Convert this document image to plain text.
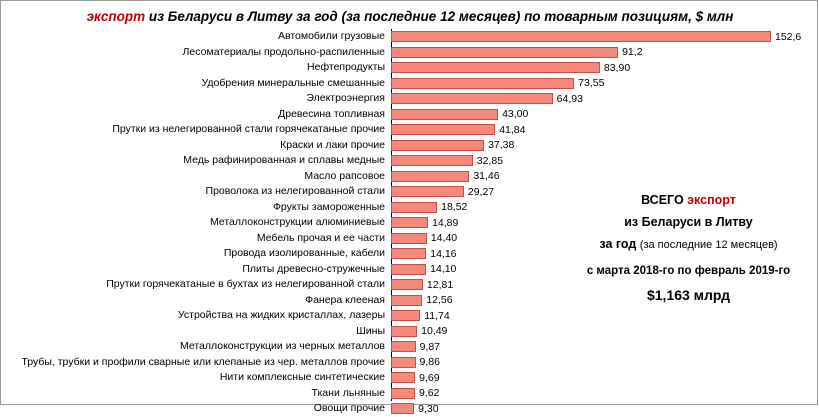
экспорт из Беларуси в Литву за год (за последние 12 месяцев) по товарным позициям, $ млн
Автомобили грузовые	152,6
Лесоматериалы продольно-распиленные	91,2
Нефтепродукты	83,90
Удобрения минеральные смешанные	73,55
Электроэнергия	64,93
Древесина топливная	43,00
Прутки из нелегированной стали горячекатаные прочие	41,84
Краски и лаки прочие	37,38
Медь рафинированная и сплавы медные	32,85
Масло рапсовое	31,46
Проволока из нелегированной стали	29,27
Фрукты замороженные	18,52
Металлоконструкции алюминиевые	14,89
Мебель прочая и ее части	14,40
Провода изолированные, кабели	14,16
Плиты древесно-стружечные	14,10
Прутки горячекатаные в бухтах из нелегированной стали	12,81
Фанера клееная	12,56
Устройства на жидких кристаллах, лазеры	11,74
Шины	10,49
Металлоконструкции из черных металлов	9,87
Трубы, трубки и профили сварные или клепаные из чер. металлов прочие	9,86
Нити комплексные синтетические	9,69
Ткани льняные	9,62
Овощи прочие	9,30
ВСЕГО экспорт
из Беларуси в Литву
за год (за последние 12 месяцев)
с марта 2018-го по февраль 2019-го
$1,163 млрд
